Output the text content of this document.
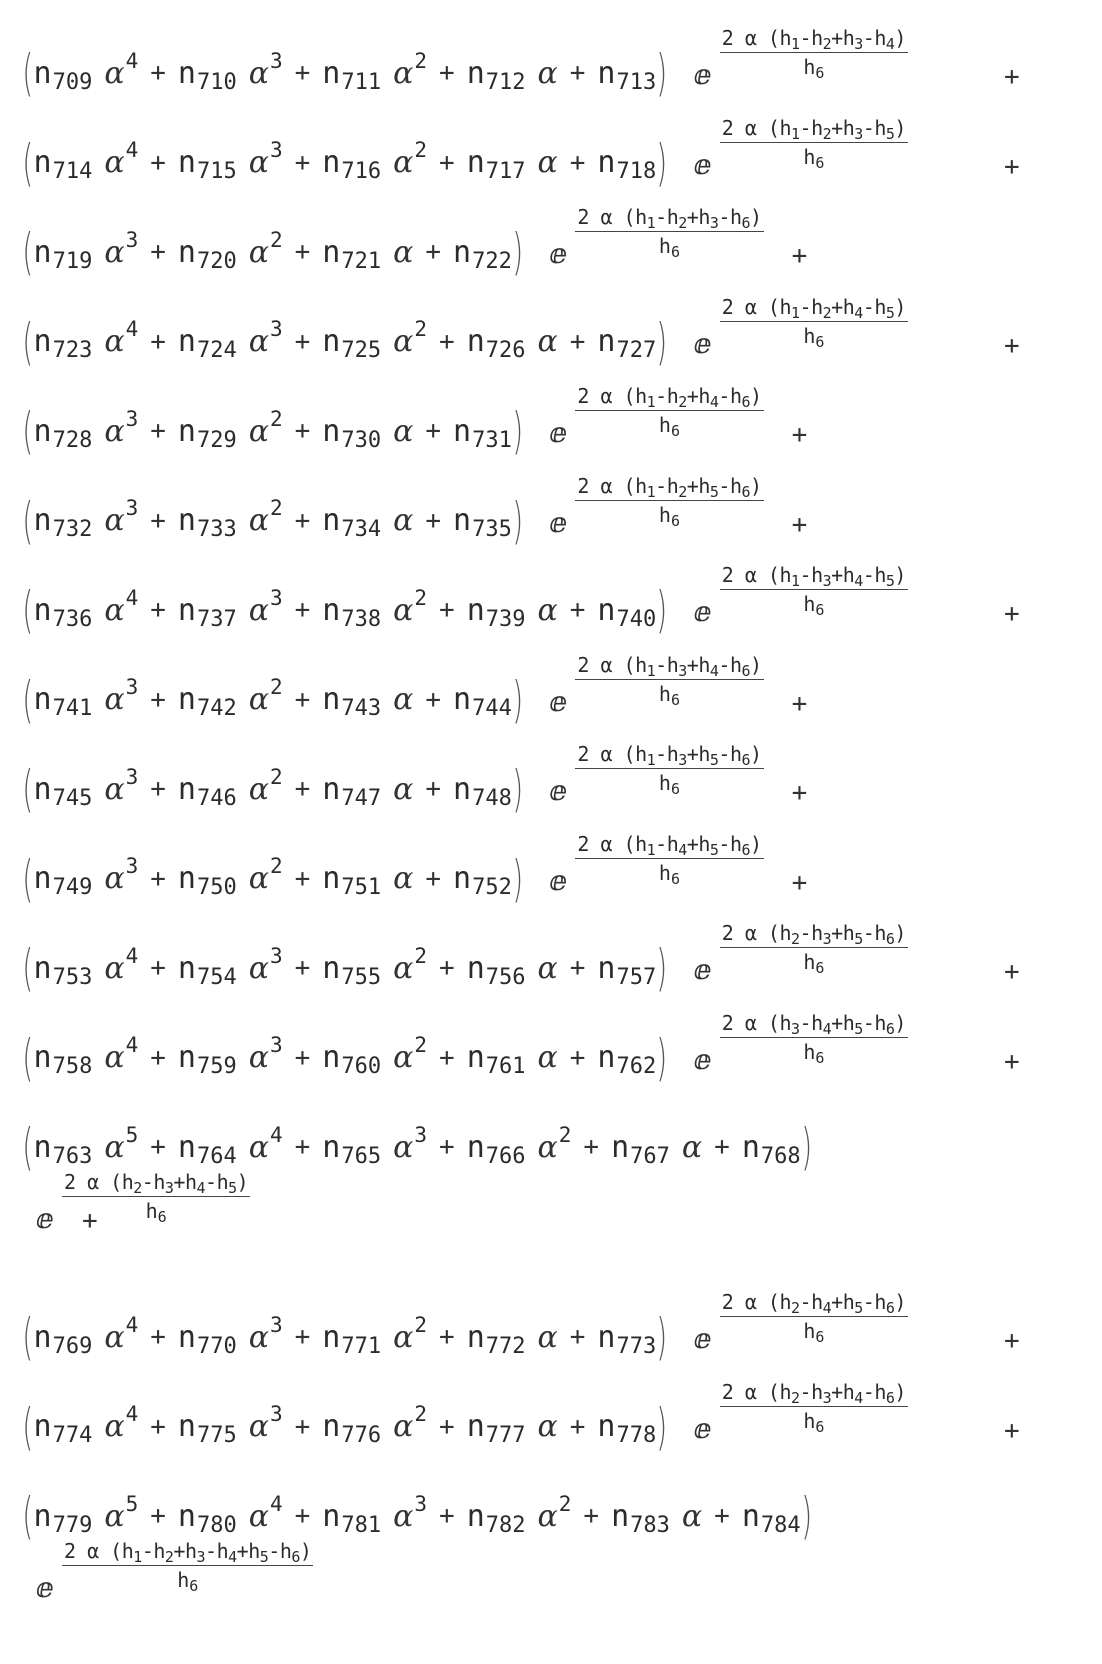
( $n_{709}$ α $4 + n_{710}$ α $3 + n_{711}$ α $2 + n_{712}$ $\alpha + n_{713}$ ) ⅇ $\frac{2 \alpha (h_1-h_2+h_3-h_4)}{h_6}$	+
( $n_{714}$ α $4 + n_{715}$ α $3 + n_{716}$ α $2 + n_{717}$ $\alpha + n_{718}$ ) ⅇ $\frac{2 \alpha (h_1-h_2+h_3-h_5)}{h_6}$	+
( $n_{719}$ α $3 + n_{720}$ α $2 + n_{721}$ $\alpha + n_{722}$ ) ⅇ $\frac{2 \alpha (h_1-h_2+h_3-h_6)}{h_6}$ +
( $n_{723}$ α $4 + n_{724}$ α $3 + n_{725}$ α $2 + n_{726}$ $\alpha + n_{727}$ ) ⅇ $\frac{2 \alpha (h_1-h_2+h_4-h_5)}{h_6}$	+
( $n_{728}$ α $3 + n_{729}$ α $2 + n_{730}$ $\alpha + n_{731}$ ) ⅇ $\frac{2 \alpha (h_1-h_2+h_4-h_6)}{h_6}$ +
( $n_{732}$ α $3 + n_{733}$ α $2 + n_{734}$ $\alpha + n_{735}$ ) ⅇ $\frac{2 \alpha (h_1-h_2+h_5-h_6)}{h_6}$ +
( $n_{736}$ α $4 + n_{737}$ α $3 + n_{738}$ α $2 + n_{739}$ $\alpha + n_{740}$ ) ⅇ $\frac{2 \alpha (h_1-h_3+h_4-h_5)}{h_6}$	+
( $n_{741}$ α $3 + n_{742}$ α $2 + n_{743}$ $\alpha + n_{744}$ ) ⅇ $\frac{2 \alpha (h_1-h_3+h_4-h_6)}{h_6}$ +
( $n_{745}$ α $3 + n_{746}$ α $2 + n_{747}$ $\alpha + n_{748}$ ) ⅇ $\frac{2 \alpha (h_1-h_3+h_5-h_6)}{h_6}$ +
( $n_{749}$ α $3 + n_{750}$ α $2 + n_{751}$ $\alpha + n_{752}$ ) ⅇ $\frac{2 \alpha (h_1-h_4+h_5-h_6)}{h_6}$ +
( $n_{753}$ α $4 + n_{754}$ α $3 + n_{755}$ α $2 + n_{756}$ $\alpha + n_{757}$ ) ⅇ $\frac{2 \alpha (h_2-h_3+h_5-h_6)}{h_6}$	+
( $n_{758}$ α $4 + n_{759}$ α $3 + n_{760}$ α $2 + n_{761}$ $\alpha + n_{762}$ ) ⅇ $\frac{2 \alpha (h_3-h_4+h_5-h_6)}{h_6}$	+
( $n_{763}$ α $5 + n_{764}$ α $4 + n_{765}$ α $3 + n_{766}$ α $2 + n_{767}$ $\alpha + n_{768}$ )
ⅇ $\frac{2 \alpha (h_2-h_3+h_4-h_5)}{h_6}$
+
( $n_{769}$ α $4 + n_{770}$ α $3 + n_{771}$ α $2 + n_{772}$ $\alpha + n_{773}$ ) ⅇ $\frac{2 \alpha (h_2-h_4+h_5-h_6)}{h_6}$	+
( $n_{774}$ α $4 + n_{775}$ α $3 + n_{776}$ α $2 + n_{777}$ $\alpha + n_{778}$ ) ⅇ $\frac{2 \alpha (h_2-h_3+h_4-h_6)}{h_6}$	+
( $n_{779}$ α $5 + n_{780}$ α $4 + n_{781}$ α $3 + n_{782}$ α $2 + n_{783}$ $\alpha + n_{784}$ )
ⅇ $\frac{2 \alpha (h_1-h_2+h_3-h_4+h_5-h_6)}{h_6}$
